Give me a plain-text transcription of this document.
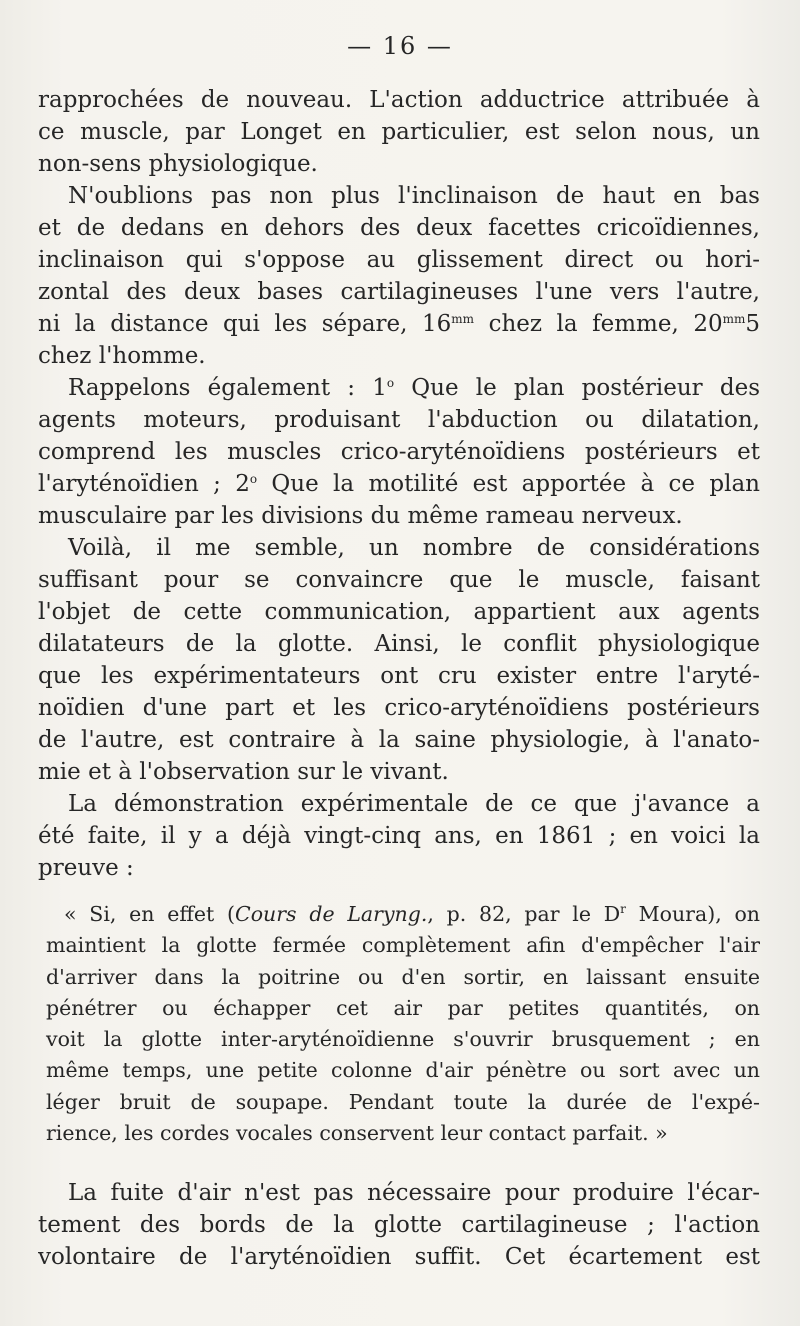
— 16 —
rapprochées de nouveau. L'action adductrice attribuée à
ce muscle, par Longet en particulier, est selon nous, un
non-sens physiologique.
N'oublions pas non plus l'inclinaison de haut en bas
et de dedans en dehors des deux facettes cricoïdiennes,
inclinaison qui s'oppose au glissement direct ou hori-
zontal des deux bases cartilagineuses l'une vers l'autre,
ni la distance qui les sépare, $16^{mm}$ chez la femme, $20^{mm}5$
chez l'homme.
Rappelons également : 1$^o$ Que le plan postérieur des
agents moteurs, produisant l'abduction ou dilatation,
comprend les muscles crico-aryténoïdiens postérieurs et
l'aryténoïdien ; 2$^o$ Que la motilité est apportée à ce plan
musculaire par les divisions du même rameau nerveux.
Voilà, il me semble, un nombre de considérations
suffisant pour se convaincre que le muscle, faisant
l'objet de cette communication, appartient aux agents
dilatateurs de la glotte. Ainsi, le conflit physiologique
que les expérimentateurs ont cru exister entre l'aryté-
noïdien d'une part et les crico-aryténoïdiens postérieurs
de l'autre, est contraire à la saine physiologie, à l'anato-
mie et à l'observation sur le vivant.
La démonstration expérimentale de ce que j'avance a
été faite, il y a déjà vingt-cinq ans, en 1861 ; en voici la
preuve :
« Si, en effet (Cours de Laryng., p. 82, par le $D^r$ Moura), on
maintient la glotte fermée complètement afin d'empêcher l'air
d'arriver dans la poitrine ou d'en sortir, en laissant ensuite
pénétrer ou échapper cet air par petites quantités, on
voit la glotte inter-aryténoïdienne s'ouvrir brusquement ; en
même temps, une petite colonne d'air pénètre ou sort avec un
léger bruit de soupape. Pendant toute la durée de l'expé-
rience, les cordes vocales conservent leur contact parfait. »
La fuite d'air n'est pas nécessaire pour produire l'écar-
tement des bords de la glotte cartilagineuse ; l'action
volontaire de l'aryténoïdien suffit. Cet écartement est
